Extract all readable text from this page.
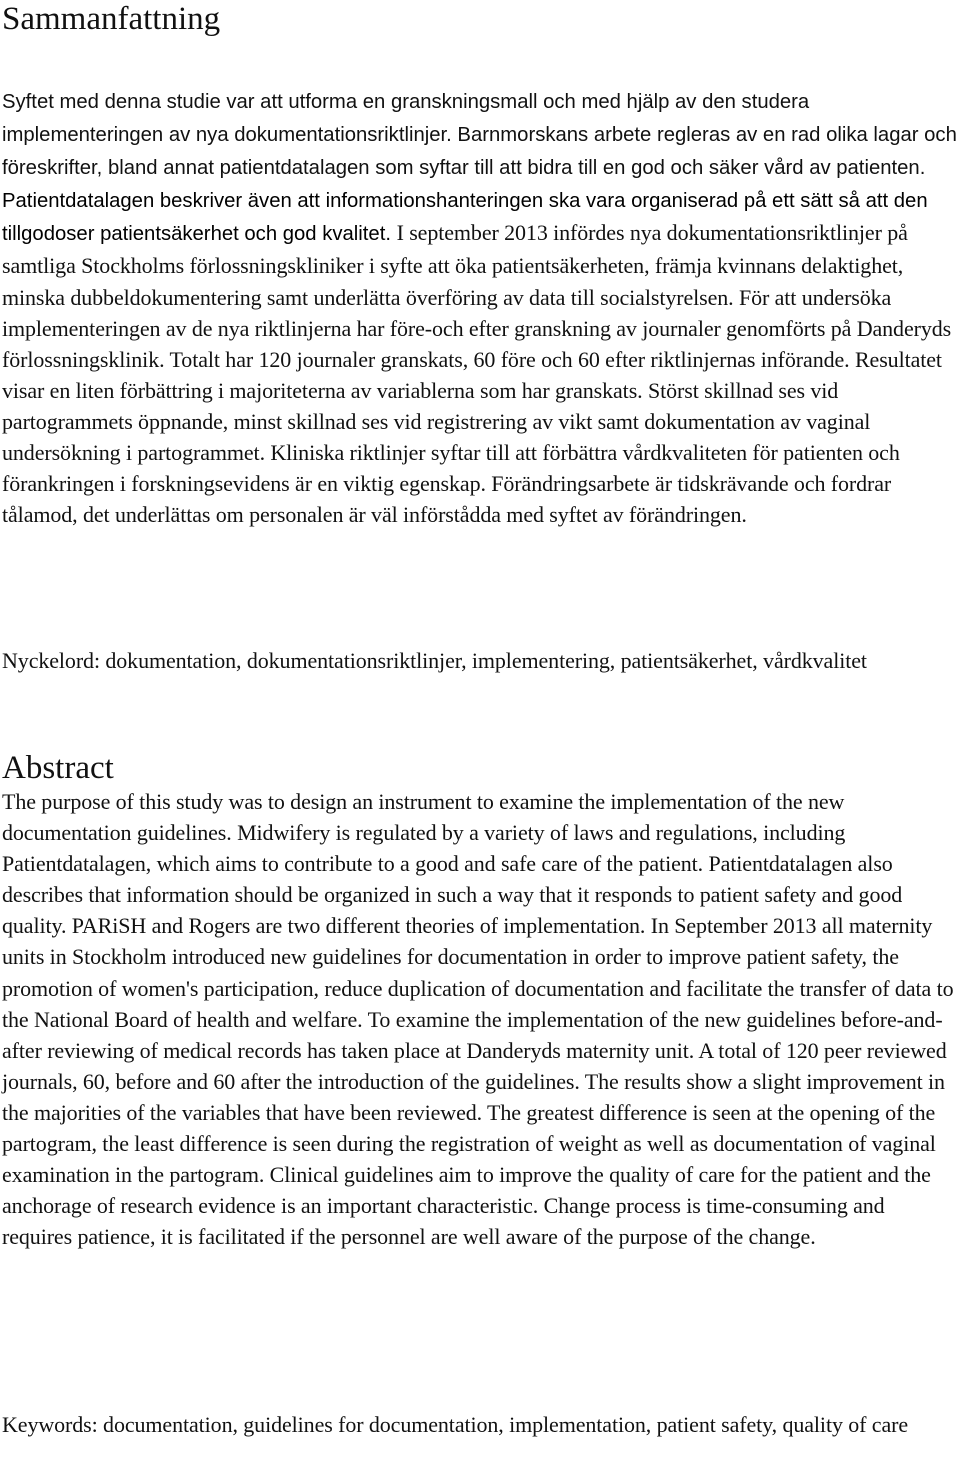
Sammanfattning

Syftet med denna studie var att utforma en granskningsmall och med hjälp av den studera implementeringen av nya dokumentationsriktlinjer. Barnmorskans arbete regleras av en rad olika lagar och föreskrifter, bland annat patientdatalagen som syftar till att bidra till en god och säker vård av patienten. Patientdatalagen beskriver även att informationshanteringen ska vara organiserad på ett sätt så att den tillgodoser patientsäkerhet och god kvalitet. I september 2013 infördes nya dokumentationsriktlinjer på samtliga Stockholms förlossningskliniker i syfte att öka patientsäkerheten, främja kvinnans delaktighet, minska dubbeldokumentering samt underlätta överföring av data till socialstyrelsen. För att undersöka implementeringen av de nya riktlinjerna har före-och efter granskning av journaler genomförts på Danderyds förlossningsklinik. Totalt har 120 journaler granskats, 60 före och 60 efter riktlinjernas införande. Resultatet visar en liten förbättring i majoriteterna av variablerna som har granskats. Störst skillnad ses vid partogrammets öppnande, minst skillnad ses vid registrering av vikt samt dokumentation av vaginal undersökning i partogrammet. Kliniska riktlinjer syftar till att förbättra vårdkvaliteten för patienten och förankringen i forskningsevidens är en viktig egenskap. Förändringsarbete är tidskrävande och fordrar tålamod, det underlättas om personalen är väl införstådda med syftet av förändringen.

Nyckelord: dokumentation, dokumentationsriktlinjer, implementering, patientsäkerhet, vårdkvalitet

Abstract

The purpose of this study was to design an instrument to examine the implementation of the new documentation guidelines. Midwifery is regulated by a variety of laws and regulations, including Patientdatalagen, which aims to contribute to a good and safe care of the patient. Patientdatalagen also describes that information should be organized in such a way that it responds to patient safety and good quality. PARiSH and Rogers are two different theories of implementation. In September 2013 all maternity units in Stockholm introduced new guidelines for documentation in order to improve patient safety, the promotion of women's participation, reduce duplication of documentation and facilitate the transfer of data to the National Board of health and welfare. To examine the implementation of the new guidelines before-and-after reviewing of medical records has taken place at Danderyds maternity unit. A total of 120 peer reviewed journals, 60, before and 60 after the introduction of the guidelines. The results show a slight improvement in the majorities of the variables that have been reviewed. The greatest difference is seen at the opening of the partogram, the least difference is seen during the registration of weight as well as documentation of vaginal examination in the partogram. Clinical guidelines aim to improve the quality of care for the patient and the anchorage of research evidence is an important characteristic. Change process is time-consuming and requires patience, it is facilitated if the personnel are well aware of the purpose of the change.

Keywords: documentation, guidelines for documentation, implementation, patient safety, quality of care
